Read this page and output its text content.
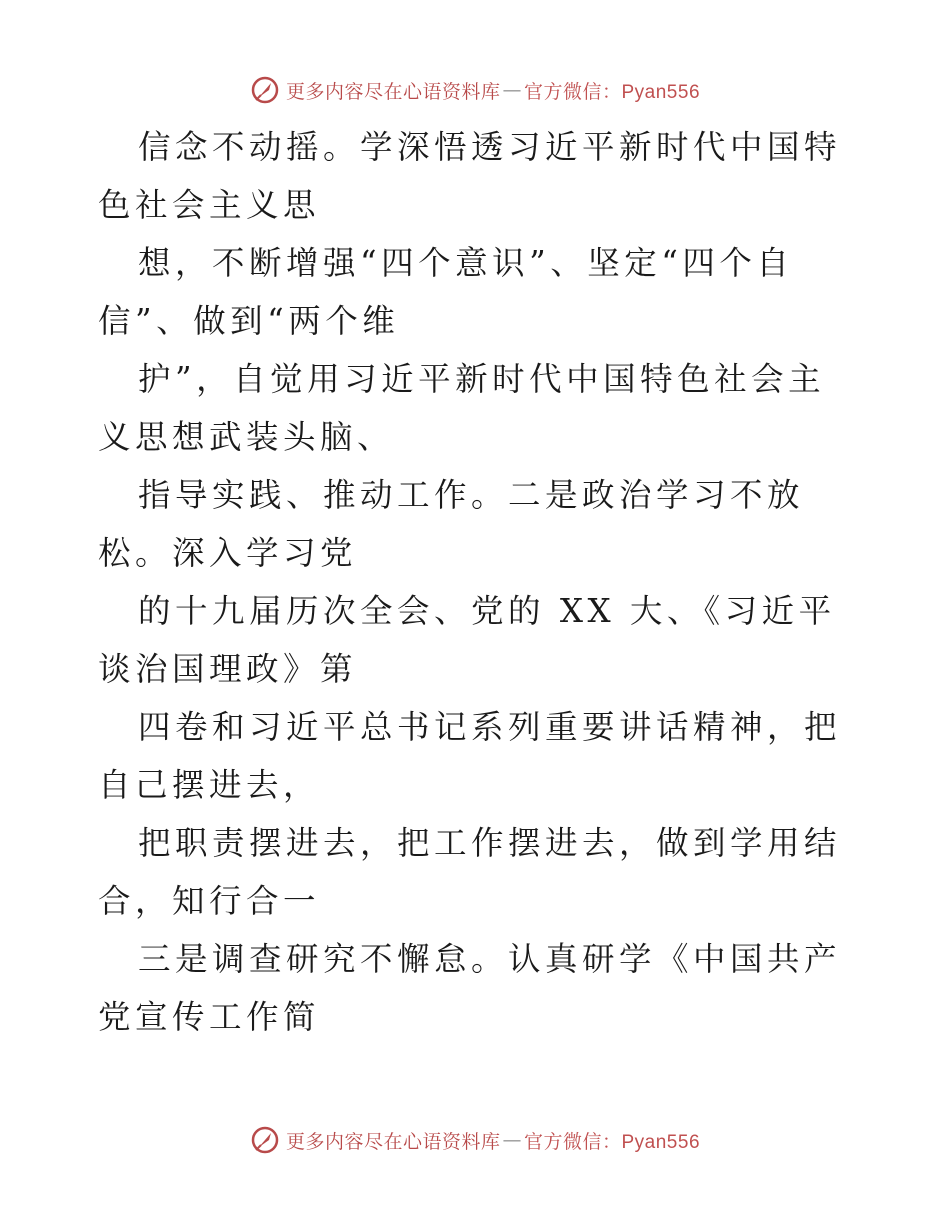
更多内容尽在心语资料库 — 官方微信：Pyan556

信念不动摇。学深悟透习近平新时代中国特色社会主义思

想，不断增强“四个意识”、坚定“四个自信”、做到“两个维

护”，自觉用习近平新时代中国特色社会主义思想武装头脑、

指导实践、推动工作。二是政治学习不放松。深入学习党

的十九届历次全会、党的 XX 大、《习近平谈治国理政》第

四卷和习近平总书记系列重要讲话精神，把自己摆进去，

把职责摆进去，把工作摆进去，做到学用结合，知行合一

三是调查研究不懈怠。认真研学《中国共产党宣传工作简

更多内容尽在心语资料库 — 官方微信：Pyan556
